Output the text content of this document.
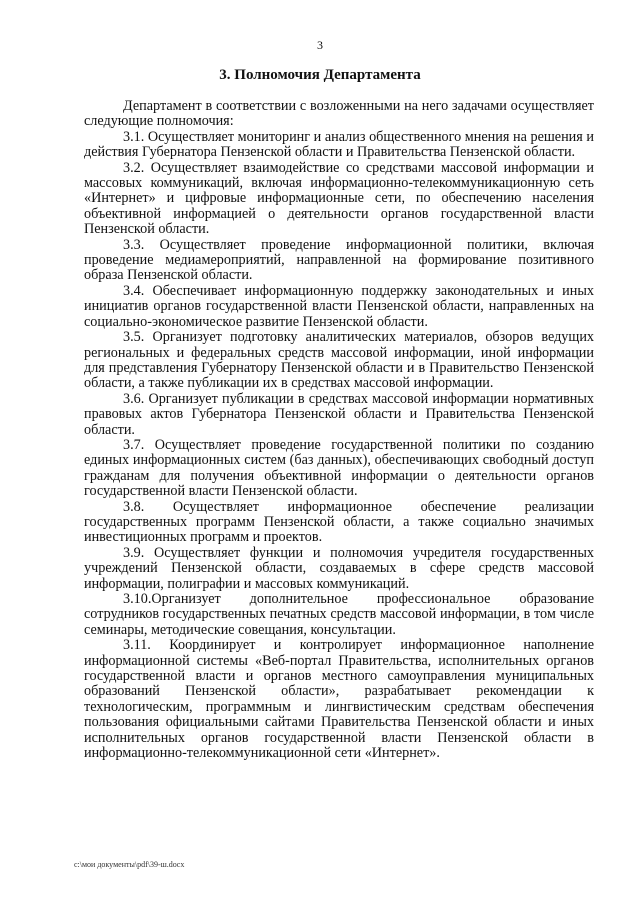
3
3. Полномочия Департамента

Департамент в соответствии с возложенными на него задачами осуществляет следующие полномочия:

3.1. Осуществляет мониторинг и анализ общественного мнения на решения и действия Губернатора Пензенской области и Правительства Пензенской области.

3.2. Осуществляет взаимодействие со средствами массовой информации и массовых коммуникаций, включая информационно-телекоммуникационную сеть «Интернет» и цифровые информационные сети, по обеспечению населения объективной информацией о деятельности органов государственной власти Пензенской области.

3.3. Осуществляет проведение информационной политики, включая проведение медиамероприятий, направленной на формирование позитивного образа Пензенской области.

3.4. Обеспечивает информационную поддержку законодательных и иных инициатив органов государственной власти Пензенской области, направленных на социально-экономическое развитие Пензенской области.

3.5. Организует подготовку аналитических материалов, обзоров ведущих региональных и федеральных средств массовой информации, иной информации для представления Губернатору Пензенской области и в Правительство Пензенской области, а также публикации их в средствах массовой информации.

3.6. Организует публикации в средствах массовой информации нормативных правовых актов Губернатора Пензенской области и Правительства Пензенской области.

3.7. Осуществляет проведение государственной политики по созданию единых информационных систем (баз данных), обеспечивающих свободный доступ гражданам для получения объективной информации о деятельности органов государственной власти Пензенской области.

3.8. Осуществляет информационное обеспечение реализации государственных программ Пензенской области, а также социально значимых инвестиционных программ и проектов.

3.9. Осуществляет функции и полномочия учредителя государственных учреждений Пензенской области, создаваемых в сфере средств массовой информации, полиграфии и массовых коммуникаций.

3.10.Организует дополнительное профессиональное образование сотрудников государственных печатных средств массовой информации, в том числе семинары, методические совещания, консультации.

3.11. Координирует и контролирует информационное наполнение информационной системы «Веб-портал Правительства, исполнительных органов государственной власти и органов местного самоуправления муниципальных образований Пензенской области», разрабатывает рекомендации к технологическим, программным и лингвистическим средствам обеспечения пользования официальными сайтами Правительства Пензенской области и иных исполнительных органов государственной власти Пензенской области в информационно-телекоммуникационной сети «Интернет».

c:\мои документы\pdf\39-ш.docx
